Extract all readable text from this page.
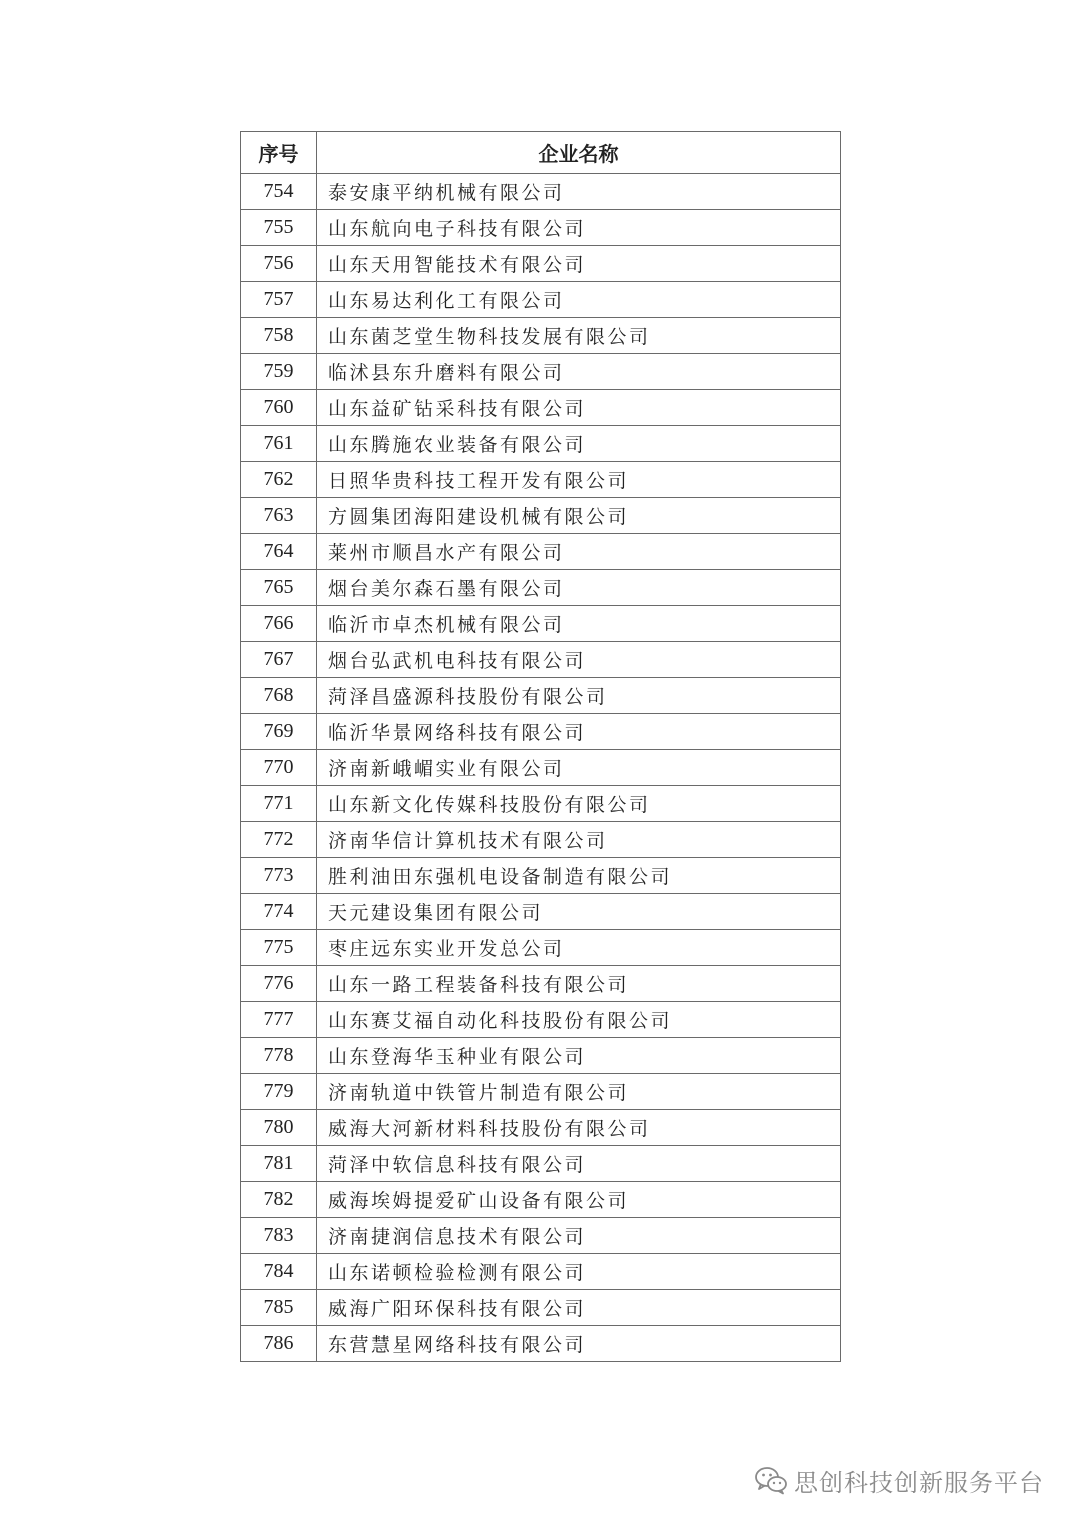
序号	企业名称
754	泰安康平纳机械有限公司
755	山东航向电子科技有限公司
756	山东天用智能技术有限公司
757	山东易达利化工有限公司
758	山东菌芝堂生物科技发展有限公司
759	临沭县东升磨料有限公司
760	山东益矿钻采科技有限公司
761	山东腾施农业装备有限公司
762	日照华贵科技工程开发有限公司
763	方圆集团海阳建设机械有限公司
764	莱州市顺昌水产有限公司
765	烟台美尔森石墨有限公司
766	临沂市卓杰机械有限公司
767	烟台弘武机电科技有限公司
768	菏泽昌盛源科技股份有限公司
769	临沂华景网络科技有限公司
770	济南新峨嵋实业有限公司
771	山东新文化传媒科技股份有限公司
772	济南华信计算机技术有限公司
773	胜利油田东强机电设备制造有限公司
774	天元建设集团有限公司
775	枣庄远东实业开发总公司
776	山东一路工程装备科技有限公司
777	山东赛艾福自动化科技股份有限公司
778	山东登海华玉种业有限公司
779	济南轨道中铁管片制造有限公司
780	威海大河新材料科技股份有限公司
781	菏泽中软信息科技有限公司
782	威海埃姆提爱矿山设备有限公司
783	济南捷润信息技术有限公司
784	山东诺顿检验检测有限公司
785	威海广阳环保科技有限公司
786	东营慧星网络科技有限公司
思创科技创新服务平台
